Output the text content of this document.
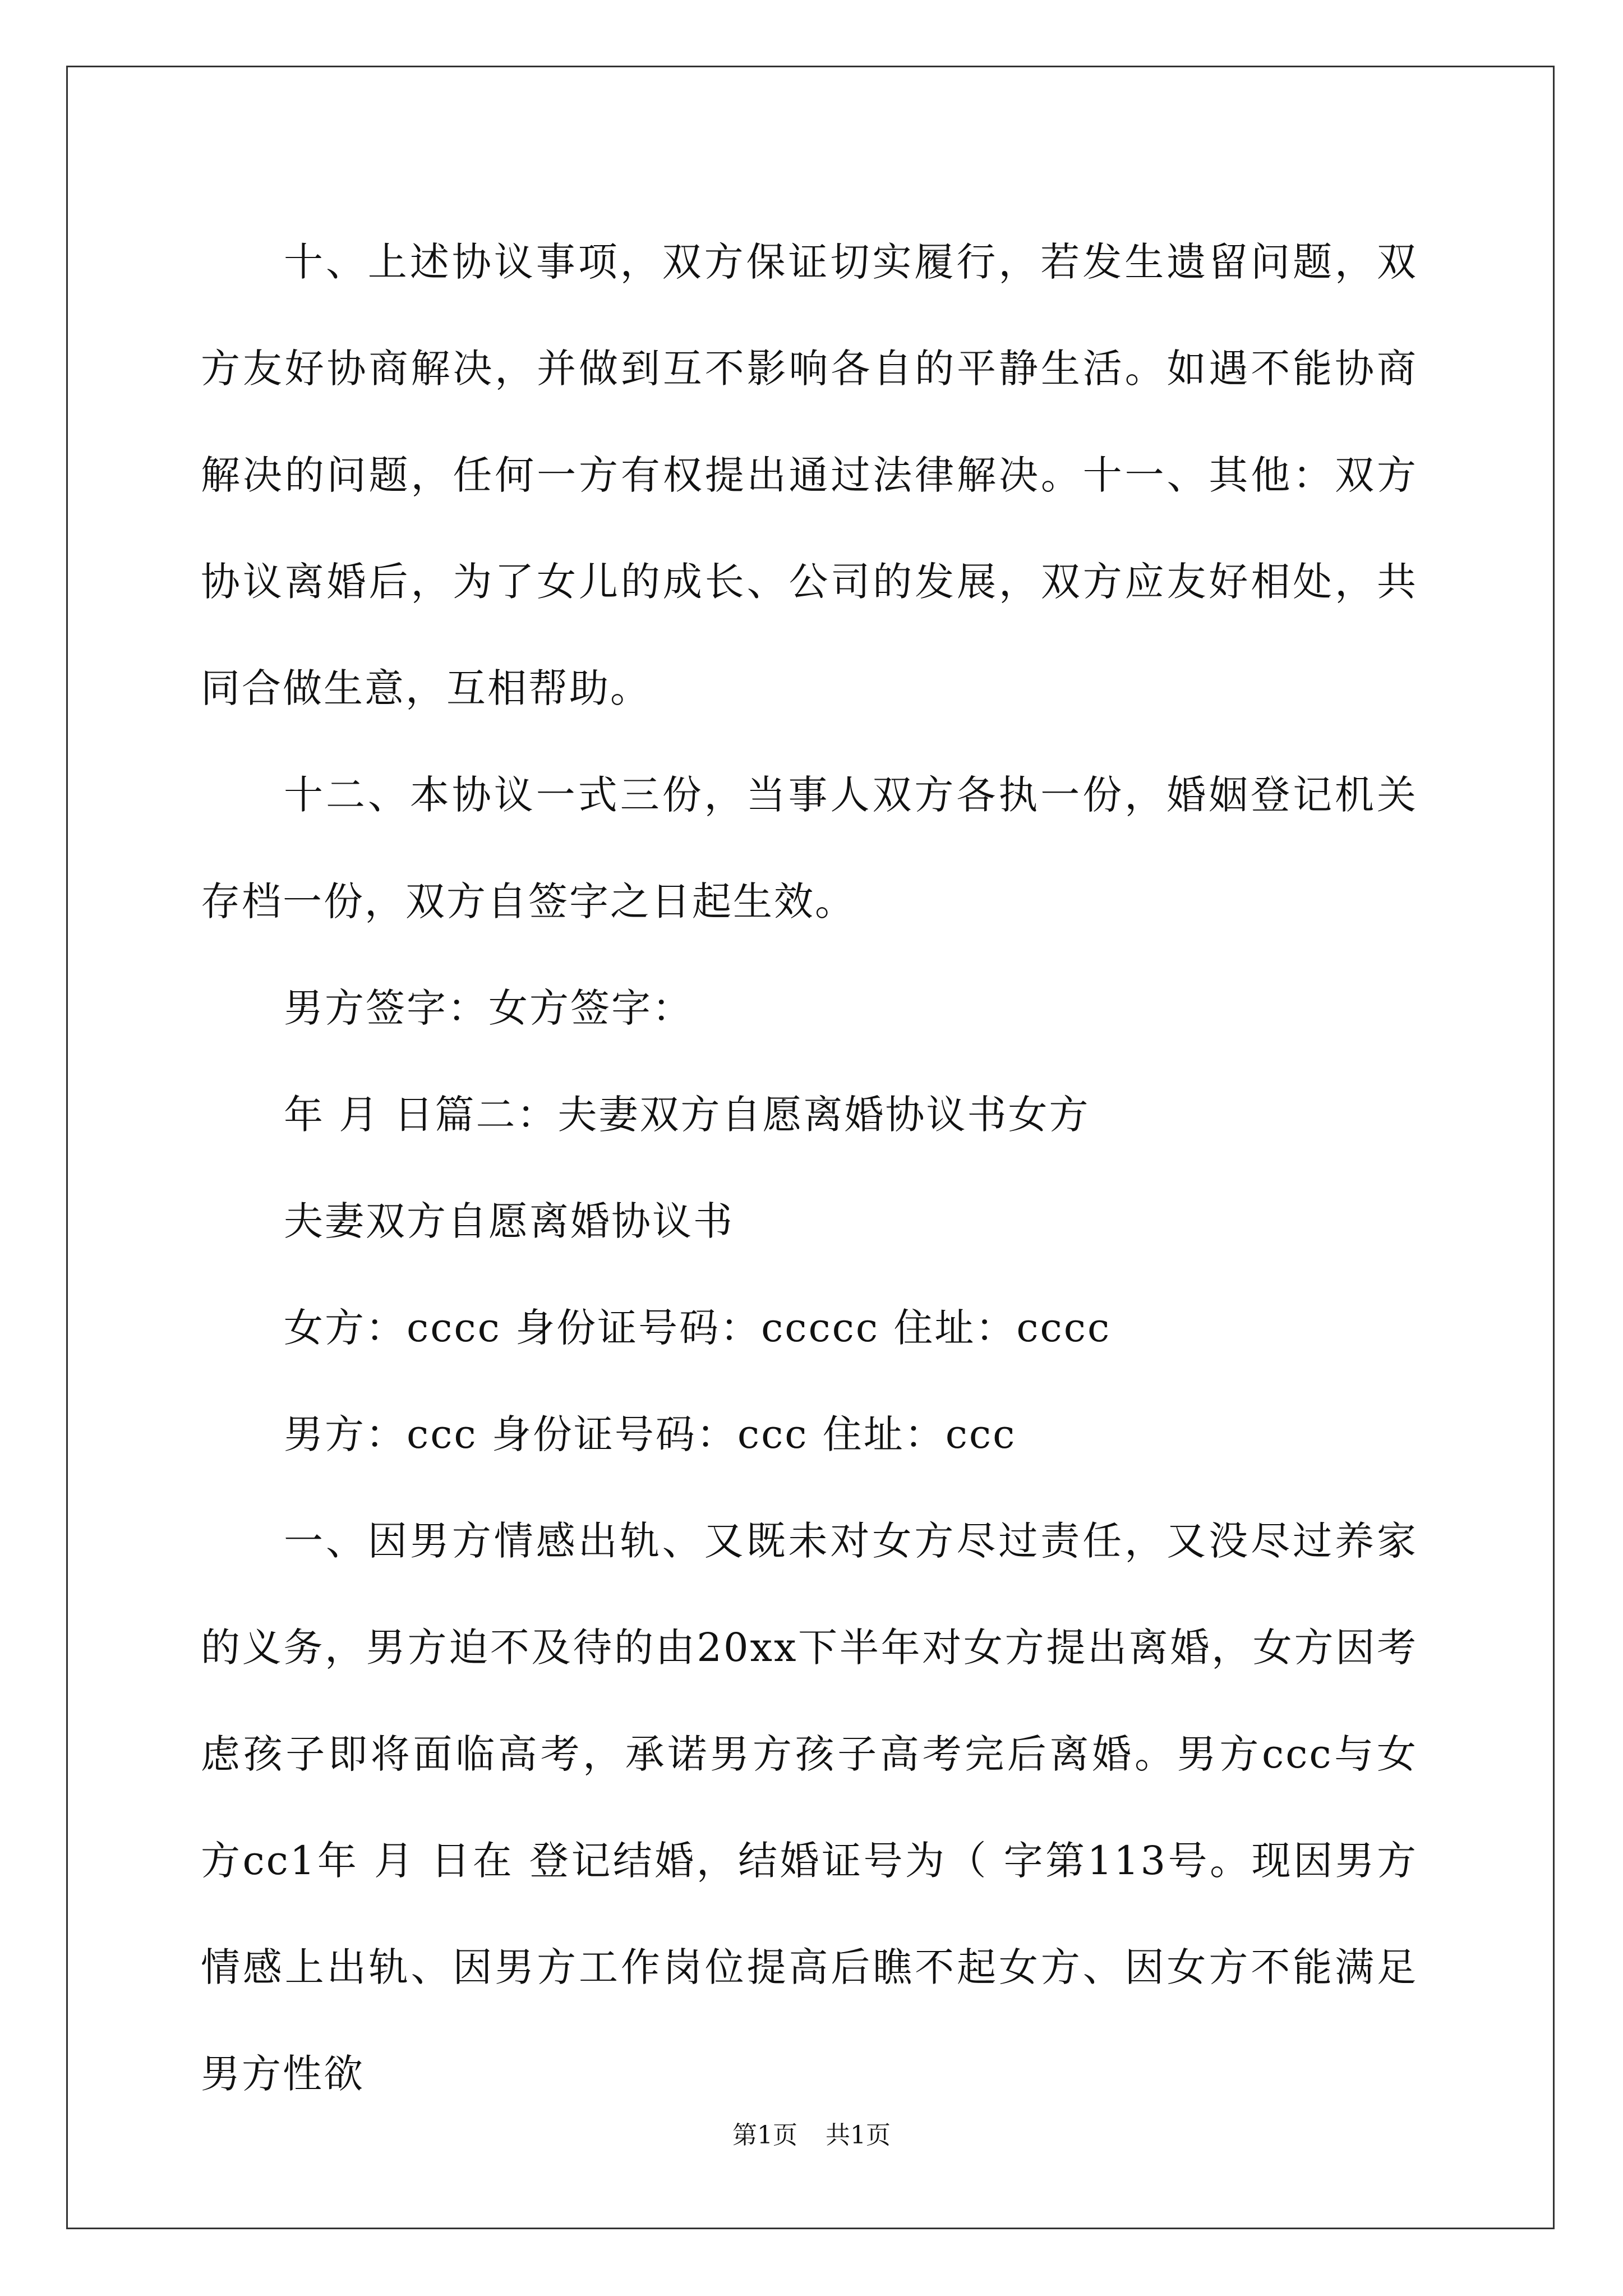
十、上述协议事项，双方保证切实履行，若发生遗留问题，双方友好协商解决，并做到互不影响各自的平静生活。如遇不能协商解决的问题，任何一方有权提出通过法律解决。十一、其他：双方协议离婚后，为了女儿的成长、公司的发展，双方应友好相处，共同合做生意，互相帮助。

十二、本协议一式三份，当事人双方各执一份，婚姻登记机关存档一份，双方自签字之日起生效。

男方签字：女方签字：

年 月 日篇二：夫妻双方自愿离婚协议书女方

夫妻双方自愿离婚协议书

女方：cccc 身份证号码：ccccc 住址：cccc

男方：ccc 身份证号码：ccc 住址：ccc

一、因男方情感出轨、又既未对女方尽过责任，又没尽过养家的义务，男方迫不及待的由20xx下半年对女方提出离婚，女方因考虑孩子即将面临高考，承诺男方孩子高考完后离婚。男方ccc与女方cc1年 月 日在 登记结婚，结婚证号为（ 字第113号。现因男方情感上出轨、因男方工作岗位提高后瞧不起女方、因女方不能满足男方性欲

第1页 共1页
